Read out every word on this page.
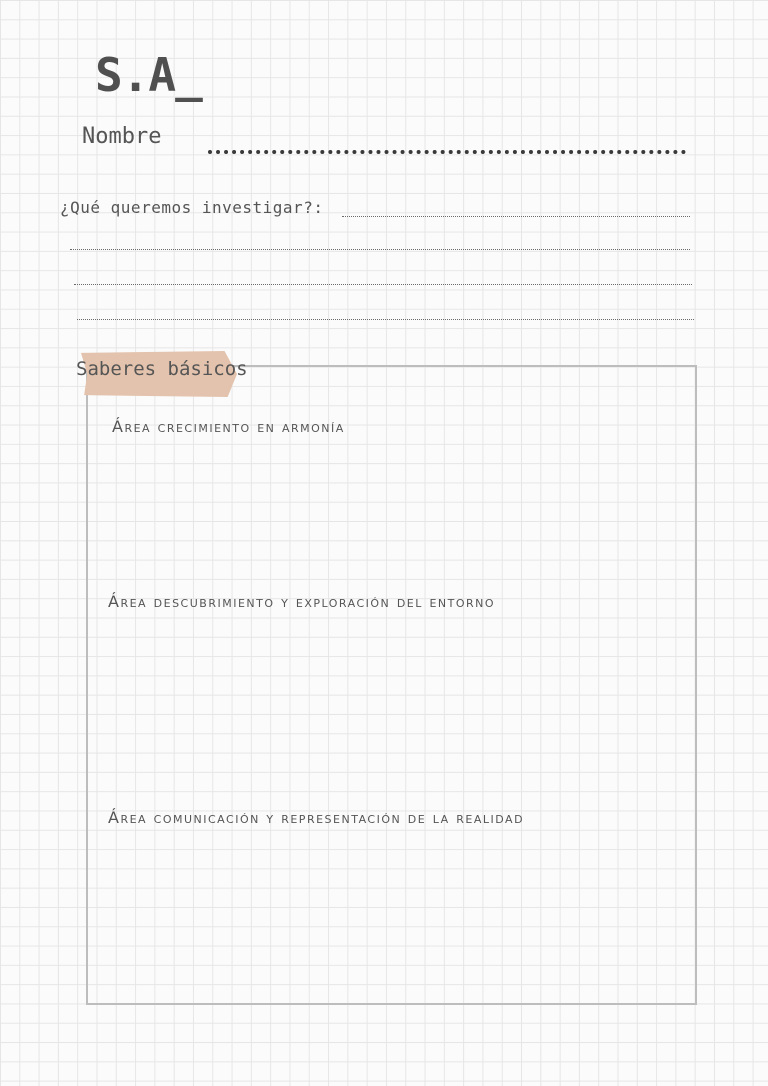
S.A_
Nombre
¿Qué queremos investigar?:
Saberes básicos
Área crecimiento en armonía
Área descubrimiento y exploración del entorno
Área comunicación y representación de la realidad
